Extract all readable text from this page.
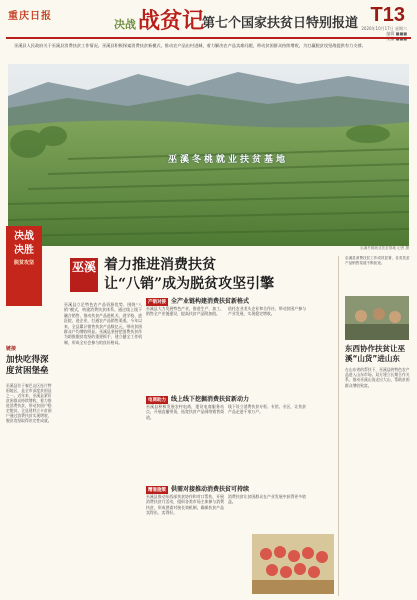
重庆日报
决战战贫记
第七个国家扶贫日特别报道 T13
2020年10月17日 星期六
编辑 ■■■
巫溪县人民政府关于巫溪县消费扶贫工作情况。巫溪县积极探索消费扶贫新模式，推动农产品出村进城，着力解决农产品卖难问题，带动贫困群众持续增收，为打赢脱贫攻坚战提供有力支撑。
巫溪冬桃就业扶贫基地
巫溪冬桃就业扶贫基地 记者 摄
决战
决胜
脱贫攻坚
链接
加快吃得深度贫困堡垒
巫溪县位于秦巴山区连片特困地区，是全市深度贫困县之一。近年来，巫溪县紧盯贫困群众持续增收，着力推进消费扶贫，带动贫困户稳定脱贫。全县建档立卡贫困户通过消费扶贫实现增收，脱贫攻坚取得决定性成就。
巫溪 着力推进消费扶贫
让“八销”成为脱贫攻坚引擎
巫溪县立足特色农产品资源优势，围绕“八销”模式，构建消费扶贫体系。通过线上线下融合销售，推动扶贫产品进机关、进学校、进医院、进企业，打通农产品销售渠道。今年以来，全县累计销售扶贫产品数亿元，带动贫困群众户均增收明显。巫溪县坚持把消费扶贫作为助推脱贫攻坚的重要抓手，建立健全工作机制，形成全社会参与的良好格局。
产销对接 全产业链构建消费扶贫新格式
巫溪县大力发展特色产业，推进生产、加工、销售全产业链建设，提高扶贫产品附加值。
依托农业龙头企业和合作社，带动贫困户参与产业发展，实现稳定增收。
电商助力 线上线下挖掘消费扶贫新动力
巫溪县积极发展农村电商，建设电商服务站点，开展直播带货，拓宽扶贫产品网络销售渠道。
线下设立消费扶贫专柜、专馆、专区，让扶贫产品走进千家万户。
精准施策 供需对接推动消费扶贫可持续
巫溪县推动东西部扶贫协作和对口帮扶，开展消费扶贫月活动，组织各类市场主体参与消费扶贫，形成供需对接长效机制，确保扶贫产品卖得出、卖得好。
消费扶贫让贫困群众在产业发展中获得更多收益。
巫溪县消费扶贫工作成效显著，各类扶贫产品销售渠道不断拓宽。
东西协作扶贫让巫溪“山货”进山东
在山东省的帮扶下，巫溪县的特色农产品进入山东市场。双方建立长期合作关系，推动巫溪山货走出大山，帮助贫困群众增收致富。
